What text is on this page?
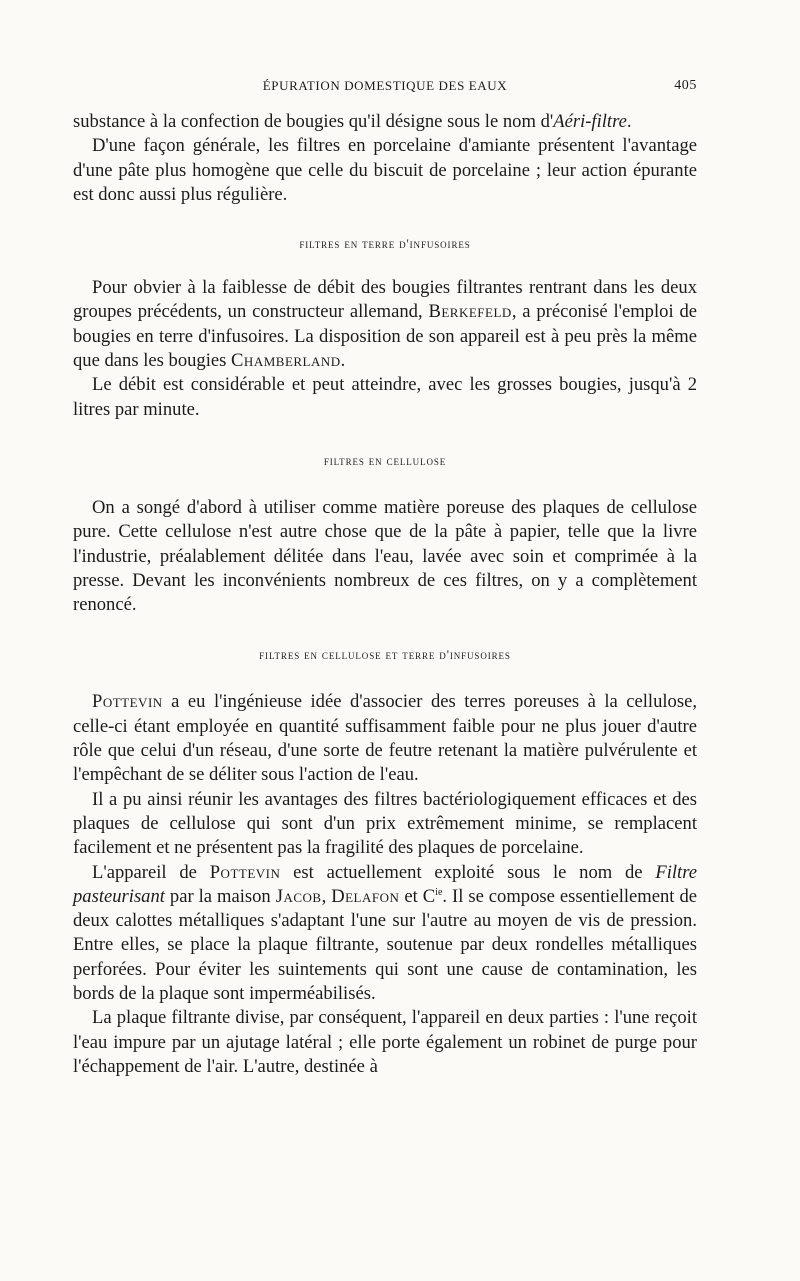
ÉPURATION DOMESTIQUE DES EAUX	405

substance à la confection de bougies qu'il désigne sous le nom d'Aéri-filtre.

D'une façon générale, les filtres en porcelaine d'amiante présentent l'avantage d'une pâte plus homogène que celle du biscuit de porcelaine ; leur action épurante est donc aussi plus régulière.

filtres en terre d'infusoires

Pour obvier à la faiblesse de débit des bougies filtrantes rentrant dans les deux groupes précédents, un constructeur allemand, Berkefeld, a préconisé l'emploi de bougies en terre d'infusoires. La disposition de son appareil est à peu près la même que dans les bougies Chamberland.

Le débit est considérable et peut atteindre, avec les grosses bougies, jusqu'à 2 litres par minute.

filtres en cellulose

On a songé d'abord à utiliser comme matière poreuse des plaques de cellulose pure. Cette cellulose n'est autre chose que de la pâte à papier, telle que la livre l'industrie, préalablement délitée dans l'eau, lavée avec soin et comprimée à la presse. Devant les inconvénients nombreux de ces filtres, on y a complètement renoncé.

filtres en cellulose et terre d'infusoires

Pottevin a eu l'ingénieuse idée d'associer des terres poreuses à la cellulose, celle-ci étant employée en quantité suffisamment faible pour ne plus jouer d'autre rôle que celui d'un réseau, d'une sorte de feutre retenant la matière pulvérulente et l'empêchant de se déliter sous l'action de l'eau.

Il a pu ainsi réunir les avantages des filtres bactériologiquement efficaces et des plaques de cellulose qui sont d'un prix extrêmement minime, se remplacent facilement et ne présentent pas la fragilité des plaques de porcelaine.

L'appareil de Pottevin est actuellement exploité sous le nom de Filtre pasteurisant par la maison Jacob, Delafon et $C^{ie}$. Il se compose essentiellement de deux calottes métalliques s'adaptant l'une sur l'autre au moyen de vis de pression. Entre elles, se place la plaque filtrante, soutenue par deux rondelles métalliques perforées. Pour éviter les suintements qui sont une cause de contamination, les bords de la plaque sont imperméabilisés.

La plaque filtrante divise, par conséquent, l'appareil en deux parties : l'une reçoit l'eau impure par un ajutage latéral ; elle porte également un robinet de purge pour l'échappement de l'air. L'autre, destinée à
